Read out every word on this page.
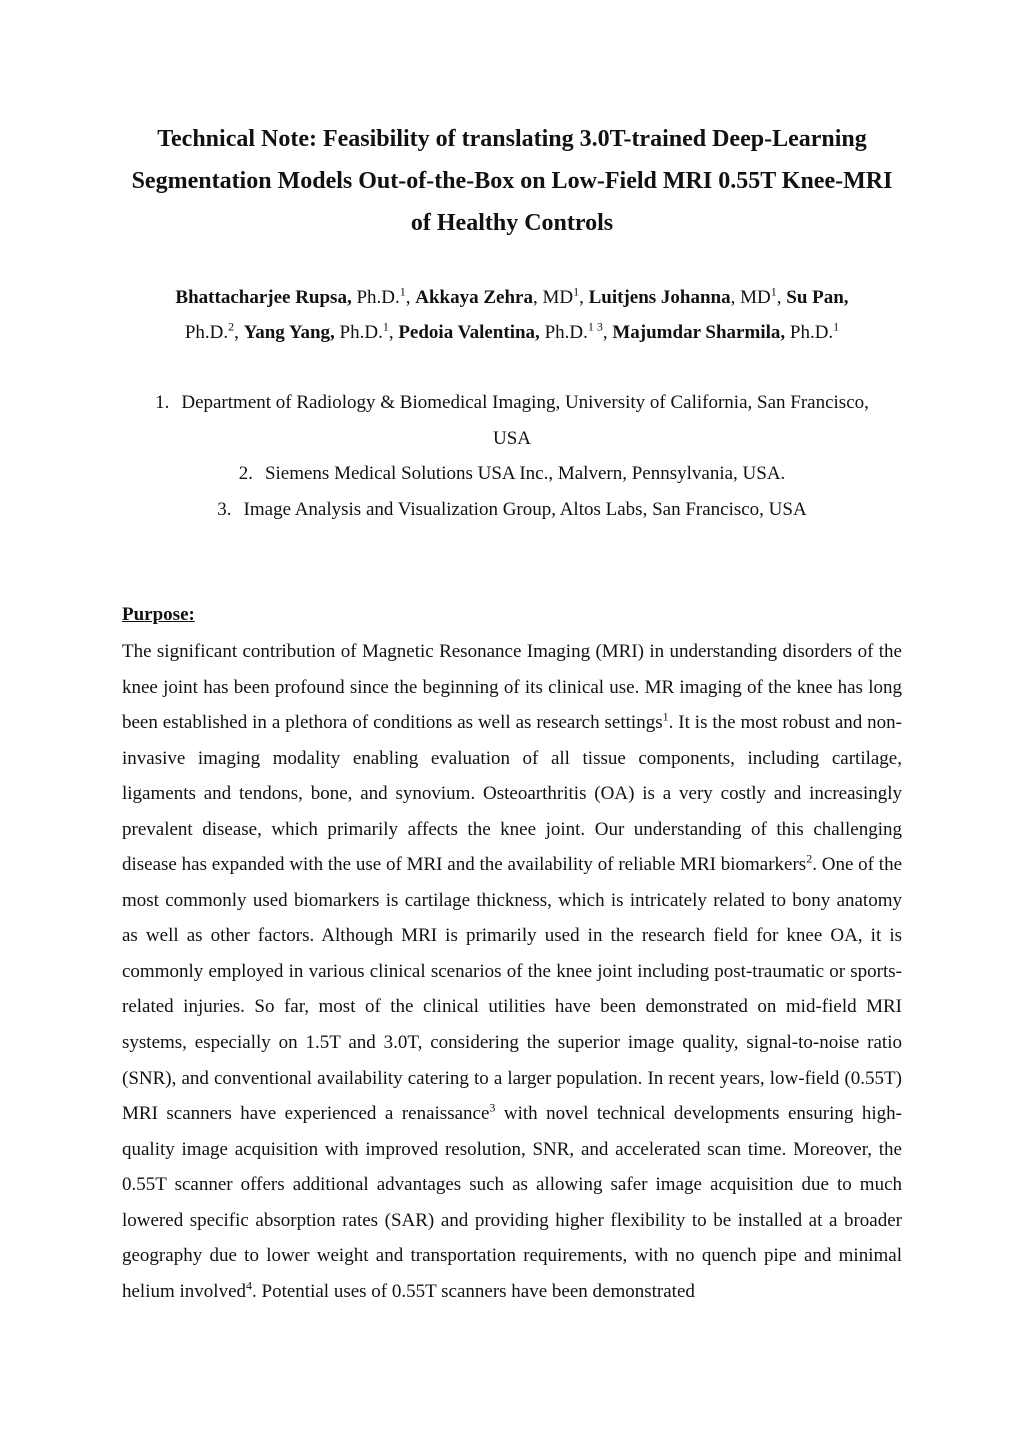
Technical Note: Feasibility of translating 3.0T-trained Deep-Learning
Segmentation Models Out-of-the-Box on Low-Field MRI 0.55T Knee-MRI
of Healthy Controls
Bhattacharjee Rupsa, Ph.D.$^1$, Akkaya Zehra, $MD^1$, Luitjens Johanna, $MD^1$, Su Pan,
Ph.D.$^2$, Yang Yang, Ph.D.$^1$, Pedoia Valentina, Ph.D.$^{1 3}$, Majumdar Sharmila, Ph.D.$^1$
1. Department of Radiology & Biomedical Imaging, University of California, San Francisco, USA
2. Siemens Medical Solutions USA Inc., Malvern, Pennsylvania, USA.
3. Image Analysis and Visualization Group, Altos Labs, San Francisco, USA
Purpose:

The significant contribution of Magnetic Resonance Imaging (MRI) in understanding disorders of the knee joint has been profound since the beginning of its clinical use. MR imaging of the knee has long been established in a plethora of conditions as well as research settings$^1$. It is the most robust and non-invasive imaging modality enabling evaluation of all tissue components, including cartilage, ligaments and tendons, bone, and synovium. Osteoarthritis (OA) is a very costly and increasingly prevalent disease, which primarily affects the knee joint. Our understanding of this challenging disease has expanded with the use of MRI and the availability of reliable MRI biomarkers$^2$. One of the most commonly used biomarkers is cartilage thickness, which is intricately related to bony anatomy as well as other factors. Although MRI is primarily used in the research field for knee OA, it is commonly employed in various clinical scenarios of the knee joint including post-traumatic or sports-related injuries. So far, most of the clinical utilities have been demonstrated on mid-field MRI systems, especially on 1.5T and 3.0T, considering the superior image quality, signal-to-noise ratio (SNR), and conventional availability catering to a larger population. In recent years, low-field (0.55T) MRI scanners have experienced a renaissance$^3$ with novel technical developments ensuring high-quality image acquisition with improved resolution, SNR, and accelerated scan time. Moreover, the 0.55T scanner offers additional advantages such as allowing safer image acquisition due to much lowered specific absorption rates (SAR) and providing higher flexibility to be installed at a broader geography due to lower weight and transportation requirements, with no quench pipe and minimal helium involved$^4$. Potential uses of 0.55T scanners have been demonstrated
